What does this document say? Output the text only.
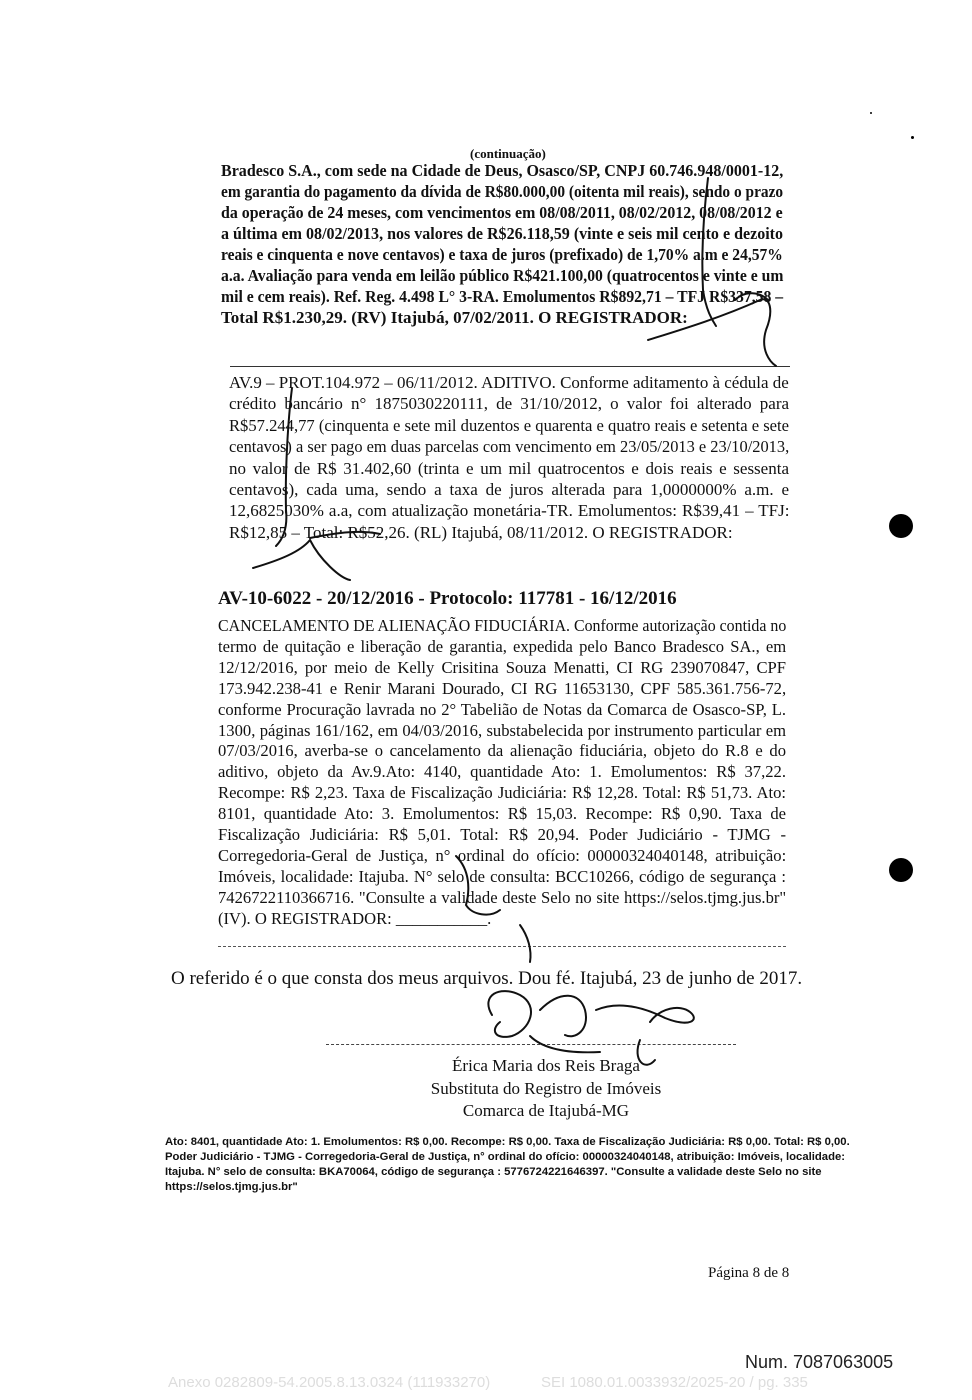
(continuação)
Bradesco S.A., com sede na Cidade de Deus, Osasco/SP, CNPJ 60.746.948/0001-12,
em garantia do pagamento da dívida de R$80.000,00 (oitenta mil reais), sendo o prazo
da operação de 24 meses, com vencimentos em 08/08/2011, 08/02/2012, 08/08/2012 e
a última em 08/02/2013, nos valores de R$26.118,59 (vinte e seis mil cento e dezoito
reais e cinquenta e nove centavos) e taxa de juros (prefixado) de 1,70% a.m e 24,57%
a.a. Avaliação para venda em leilão público R$421.100,00 (quatrocentos e vinte e um
mil e cem reais). Ref. Reg. 4.498 L° 3-RA. Emolumentos R$892,71 – TFJ R$337,58 –
Total R$1.230,29. (RV) Itajubá, 07/02/2011. O REGISTRADOR:
AV.9 – PROT.104.972 – 06/11/2012. ADITIVO. Conforme aditamento à cédula de
crédito bancário n° 1875030220111, de 31/10/2012, o valor foi alterado para
R$57.244,77 (cinquenta e sete mil duzentos e quarenta e quatro reais e setenta e sete
centavos) a ser pago em duas parcelas com vencimento em 23/05/2013 e 23/10/2013,
no valor de R$ 31.402,60 (trinta e um mil quatrocentos e dois reais e sessenta
centavos), cada uma, sendo a taxa de juros alterada para 1,0000000% a.m. e
12,6825030% a.a, com atualização monetária-TR. Emolumentos: R$39,41 – TFJ:
R$12,85 – Total: R$52,26. (RL) Itajubá, 08/11/2012. O REGISTRADOR:
AV-10-6022 - 20/12/2016 - Protocolo: 117781 - 16/12/2016
CANCELAMENTO DE ALIENAÇÃO FIDUCIÁRIA. Conforme autorização contida no
termo de quitação e liberação de garantia, expedida pelo Banco Bradesco SA., em
12/12/2016, por meio de Kelly Crisitina Souza Menatti, CI RG 239070847, CPF
173.942.238-41 e Renir Marani Dourado, CI RG 11653130, CPF 585.361.756-72,
conforme Procuração lavrada no 2° Tabelião de Notas da Comarca de Osasco-SP, L.
1300, páginas 161/162, em 04/03/2016, substabelecida por instrumento particular em
07/03/2016, averba-se o cancelamento da alienação fiduciária, objeto do R.8 e do
aditivo, objeto da Av.9.Ato: 4140, quantidade Ato: 1. Emolumentos: R$ 37,22.
Recompe: R$ 2,23. Taxa de Fiscalização Judiciária: R$ 12,28. Total: R$ 51,73. Ato:
8101, quantidade Ato: 3. Emolumentos: R$ 15,03. Recompe: R$ 0,90. Taxa de
Fiscalização Judiciária: R$ 5,01. Total: R$ 20,94. Poder Judiciário - TJMG -
Corregedoria-Geral de Justiça, n° ordinal do ofício: 00000324040148, atribuição:
Imóveis, localidade: Itajuba. N° selo de consulta: BCC10266, código de segurança :
7426722110366716. "Consulte a validade deste Selo no site https://selos.tjmg.jus.br"
(IV). O REGISTRADOR: ___________.
O referido é o que consta dos meus arquivos. Dou fé. Itajubá, 23 de junho de 2017.
Érica Maria dos Reis Braga
Substituta do Registro de Imóveis
Comarca de Itajubá-MG
Ato: 8401, quantidade Ato: 1. Emolumentos: R$ 0,00. Recompe: R$ 0,00. Taxa de Fiscalização Judiciária: R$ 0,00. Total: R$ 0,00. Poder Judiciário - TJMG - Corregedoria-Geral de Justiça, n° ordinal do ofício: 00000324040148, atribuição: Imóveis, localidade: Itajuba. N° selo de consulta: BKA70064, código de segurança : 5776724221646397. "Consulte a validade deste Selo no site https://selos.tjmg.jus.br"
Página 8 de 8
Num. 7087063005
Anexo 0282809-54.2005.8.13.0324 (111933270)	SEI 1080.01.0033932/2025-20 / pg. 335
